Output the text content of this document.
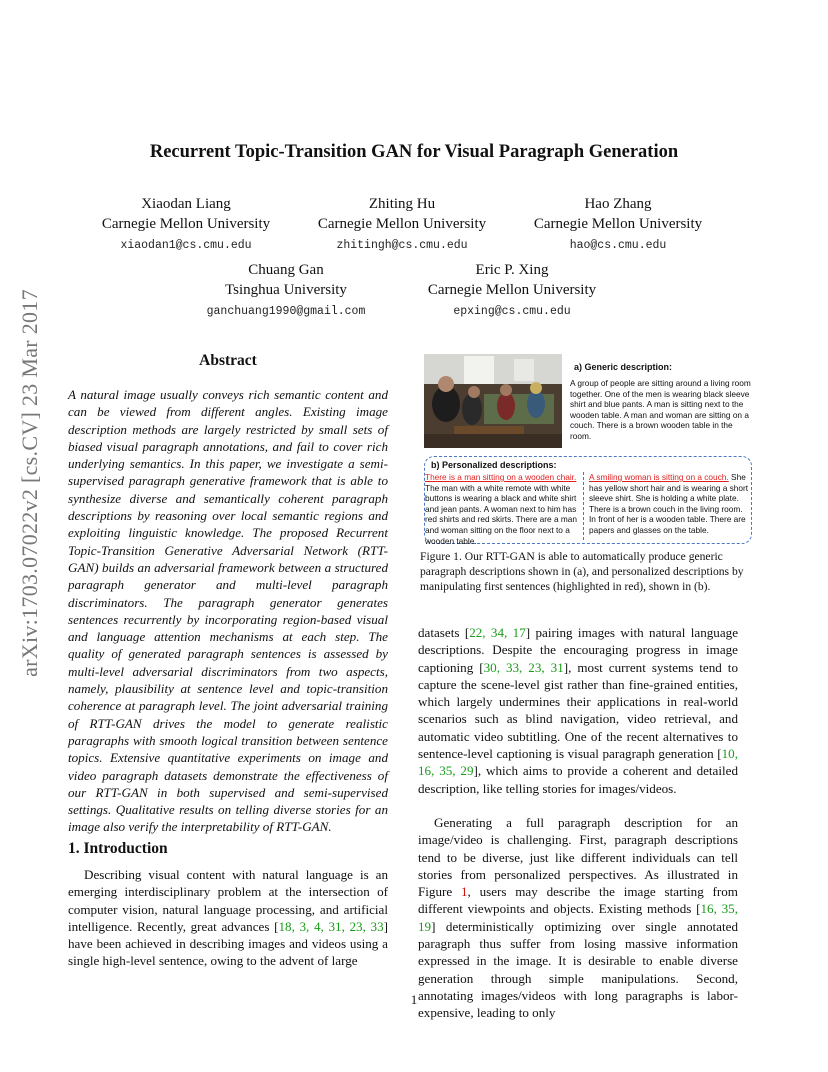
arXiv:1703.07022v2 [cs.CV] 23 Mar 2017
Recurrent Topic-Transition GAN for Visual Paragraph Generation
Xiaodan Liang
Carnegie Mellon University
xiaodan1@cs.cmu.edu
Zhiting Hu
Carnegie Mellon University
zhitingh@cs.cmu.edu
Hao Zhang
Carnegie Mellon University
hao@cs.cmu.edu
Chuang Gan
Tsinghua University
ganchuang1990@gmail.com
Eric P. Xing
Carnegie Mellon University
epxing@cs.cmu.edu
Abstract
A natural image usually conveys rich semantic content and can be viewed from different angles. Existing image description methods are largely restricted by small sets of biased visual paragraph annotations, and fail to cover rich underlying semantics. In this paper, we investigate a semi-supervised paragraph generative framework that is able to synthesize diverse and semantically coherent paragraph descriptions by reasoning over local semantic regions and exploiting linguistic knowledge. The proposed Recurrent Topic-Transition Generative Adversarial Network (RTT-GAN) builds an adversarial framework between a structured paragraph generator and multi-level paragraph discriminators. The paragraph generator generates sentences recurrently by incorporating region-based visual and language attention mechanisms at each step. The quality of generated paragraph sentences is assessed by multi-level adversarial discriminators from two aspects, namely, plausibility at sentence level and topic-transition coherence at paragraph level. The joint adversarial training of RTT-GAN drives the model to generate realistic paragraphs with smooth logical transition between sentence topics. Extensive quantitative experiments on image and video paragraph datasets demonstrate the effectiveness of our RTT-GAN in both supervised and semi-supervised settings. Qualitative results on telling diverse stories for an image also verify the interpretability of RTT-GAN.
1. Introduction
Describing visual content with natural language is an emerging interdisciplinary problem at the intersection of computer vision, natural language processing, and artificial intelligence. Recently, great advances [18, 3, 4, 31, 23, 33] have been achieved in describing images and videos using a single high-level sentence, owing to the advent of large
a) Generic description:
A group of people are sitting around a living room together. One of the men is wearing black sleeve shirt and blue pants. A man is sitting next to the wooden table. A man and woman are sitting on a couch. There is a brown wooden table in the room.
b) Personalized descriptions:
There is a man sitting on a wooden chair. The man with a white remote with white buttons is wearing a black and white shirt and jean pants. A woman next to him has red shirts and red skirts. There are a man and woman sitting on the floor next to a wooden table.
A smiling woman is sitting on a couch. She has yellow short hair and is wearing a short sleeve shirt. She is holding a white plate. There is a brown couch in the living room. In front of her is a wooden table. There are papers and glasses on the table.
Figure 1. Our RTT-GAN is able to automatically produce generic paragraph descriptions shown in (a), and personalized descriptions by manipulating first sentences (highlighted in red), shown in (b).
datasets [22, 34, 17] pairing images with natural language descriptions. Despite the encouraging progress in image captioning [30, 33, 23, 31], most current systems tend to capture the scene-level gist rather than fine-grained entities, which largely undermines their applications in real-world scenarios such as blind navigation, video retrieval, and automatic video subtitling. One of the recent alternatives to sentence-level captioning is visual paragraph generation [10, 16, 35, 29], which aims to provide a coherent and detailed description, like telling stories for images/videos.
Generating a full paragraph description for an image/video is challenging. First, paragraph descriptions tend to be diverse, just like different individuals can tell stories from personalized perspectives. As illustrated in Figure 1, users may describe the image starting from different viewpoints and objects. Existing methods [16, 35, 19] deterministically optimizing over single annotated paragraph thus suffer from losing massive information expressed in the image. It is desirable to enable diverse generation through simple manipulations. Second, annotating images/videos with long paragraphs is labor-expensive, leading to only
1
